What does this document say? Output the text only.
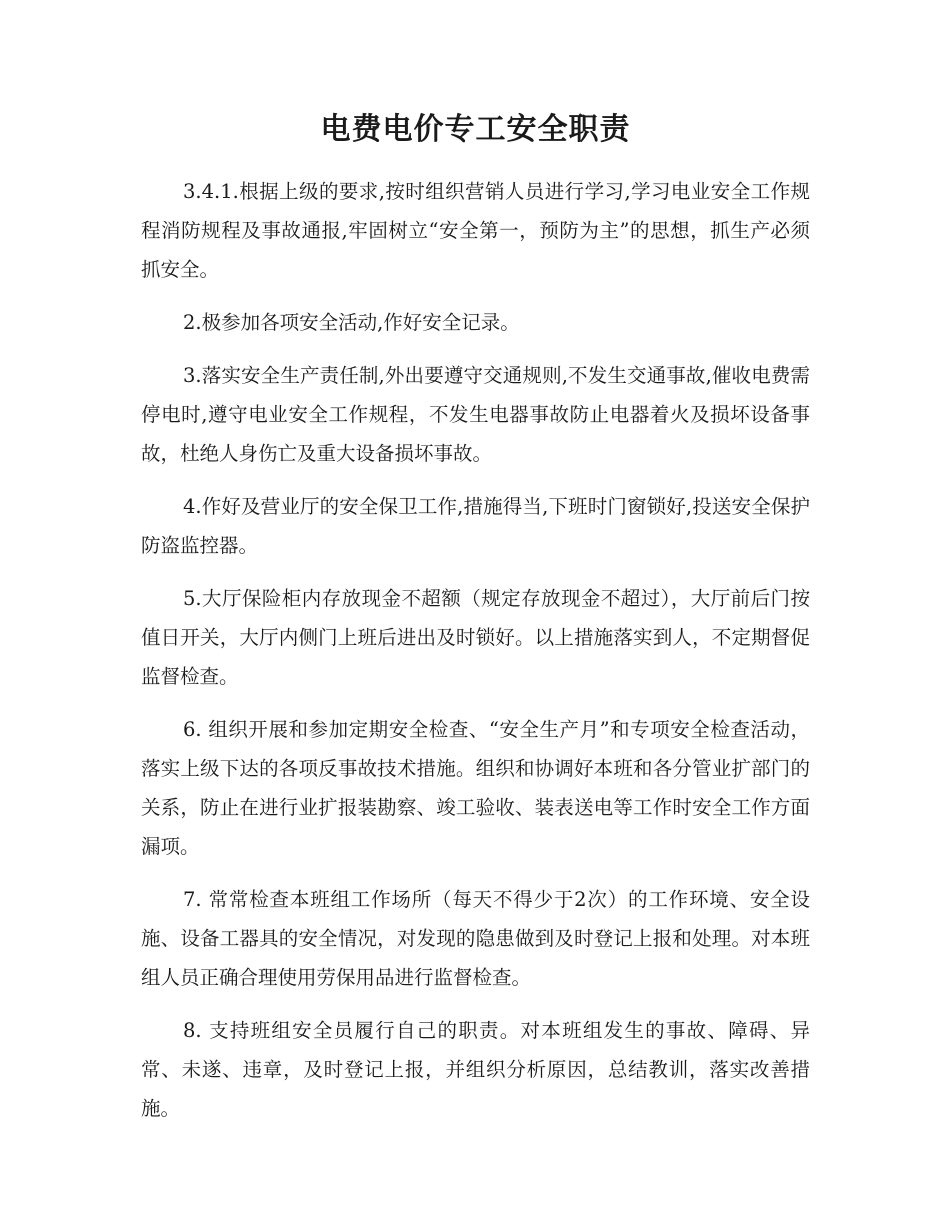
电费电价专工安全职责

3.4.1.根据上级的要求,按时组织营销人员进行学习,学习电业安全工作规程消防规程及事故通报,牢固树立“安全第一，预防为主”的思想，抓生产必须抓安全。

2.极参加各项安全活动,作好安全记录。

3.落实安全生产责任制,外出要遵守交通规则,不发生交通事故,催收电费需停电时,遵守电业安全工作规程，不发生电器事故防止电器着火及损坏设备事故，杜绝人身伤亡及重大设备损坏事故。

4.作好及营业厅的安全保卫工作,措施得当,下班时门窗锁好,投送安全保护防盗监控器。

5.大厅保险柜内存放现金不超额（规定存放现金不超过），大厅前后门按值日开关，大厅内侧门上班后进出及时锁好。以上措施落实到人，不定期督促监督检查。

6. 组织开展和参加定期安全检查、“安全生产月”和专项安全检查活动，落实上级下达的各项反事故技术措施。组织和协调好本班和各分管业扩部门的关系，防止在进行业扩报装勘察、竣工验收、装表送电等工作时安全工作方面漏项。

7. 常常检查本班组工作场所（每天不得少于2次）的工作环境、安全设施、设备工器具的安全情况，对发现的隐患做到及时登记上报和处理。对本班组人员正确合理使用劳保用品进行监督检查。

8. 支持班组安全员履行自己的职责。对本班组发生的事故、障碍、异常、未遂、违章，及时登记上报，并组织分析原因，总结教训，落实改善措施。
